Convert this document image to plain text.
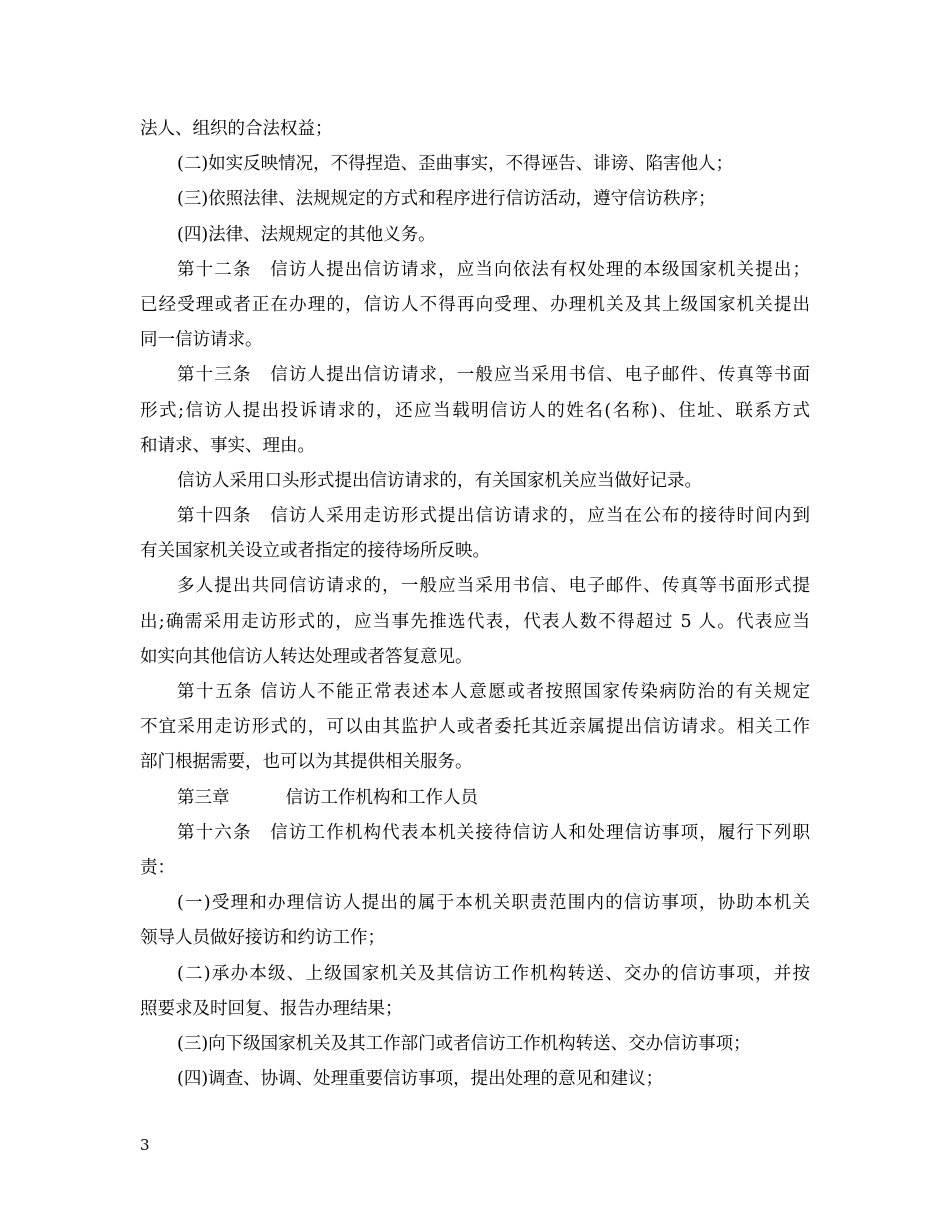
法人、组织的合法权益；
(二)如实反映情况，不得捏造、歪曲事实，不得诬告、诽谤、陷害他人；
(三)依照法律、法规规定的方式和程序进行信访活动，遵守信访秩序；
(四)法律、法规规定的其他义务。
第十二条　信访人提出信访请求，应当向依法有权处理的本级国家机关提出；
已经受理或者正在办理的，信访人不得再向受理、办理机关及其上级国家机关提出
同一信访请求。
第十三条　信访人提出信访请求，一般应当采用书信、电子邮件、传真等书面
形式;信访人提出投诉请求的，还应当载明信访人的姓名(名称)、住址、联系方式
和请求、事实、理由。
信访人采用口头形式提出信访请求的，有关国家机关应当做好记录。
第十四条　信访人采用走访形式提出信访请求的，应当在公布的接待时间内到
有关国家机关设立或者指定的接待场所反映。
多人提出共同信访请求的，一般应当采用书信、电子邮件、传真等书面形式提
出;确需采用走访形式的，应当事先推选代表，代表人数不得超过 5 人。代表应当
如实向其他信访人转达处理或者答复意见。
第十五条 信访人不能正常表述本人意愿或者按照国家传染病防治的有关规定
不宜采用走访形式的，可以由其监护人或者委托其近亲属提出信访请求。相关工作
部门根据需要，也可以为其提供相关服务。
第三章	信访工作机构和工作人员
第十六条　信访工作机构代表本机关接待信访人和处理信访事项，履行下列职
责：
(一)受理和办理信访人提出的属于本机关职责范围内的信访事项，协助本机关
领导人员做好接访和约访工作；
(二)承办本级、上级国家机关及其信访工作机构转送、交办的信访事项，并按
照要求及时回复、报告办理结果；
(三)向下级国家机关及其工作部门或者信访工作机构转送、交办信访事项；
(四)调查、协调、处理重要信访事项，提出处理的意见和建议；
3
